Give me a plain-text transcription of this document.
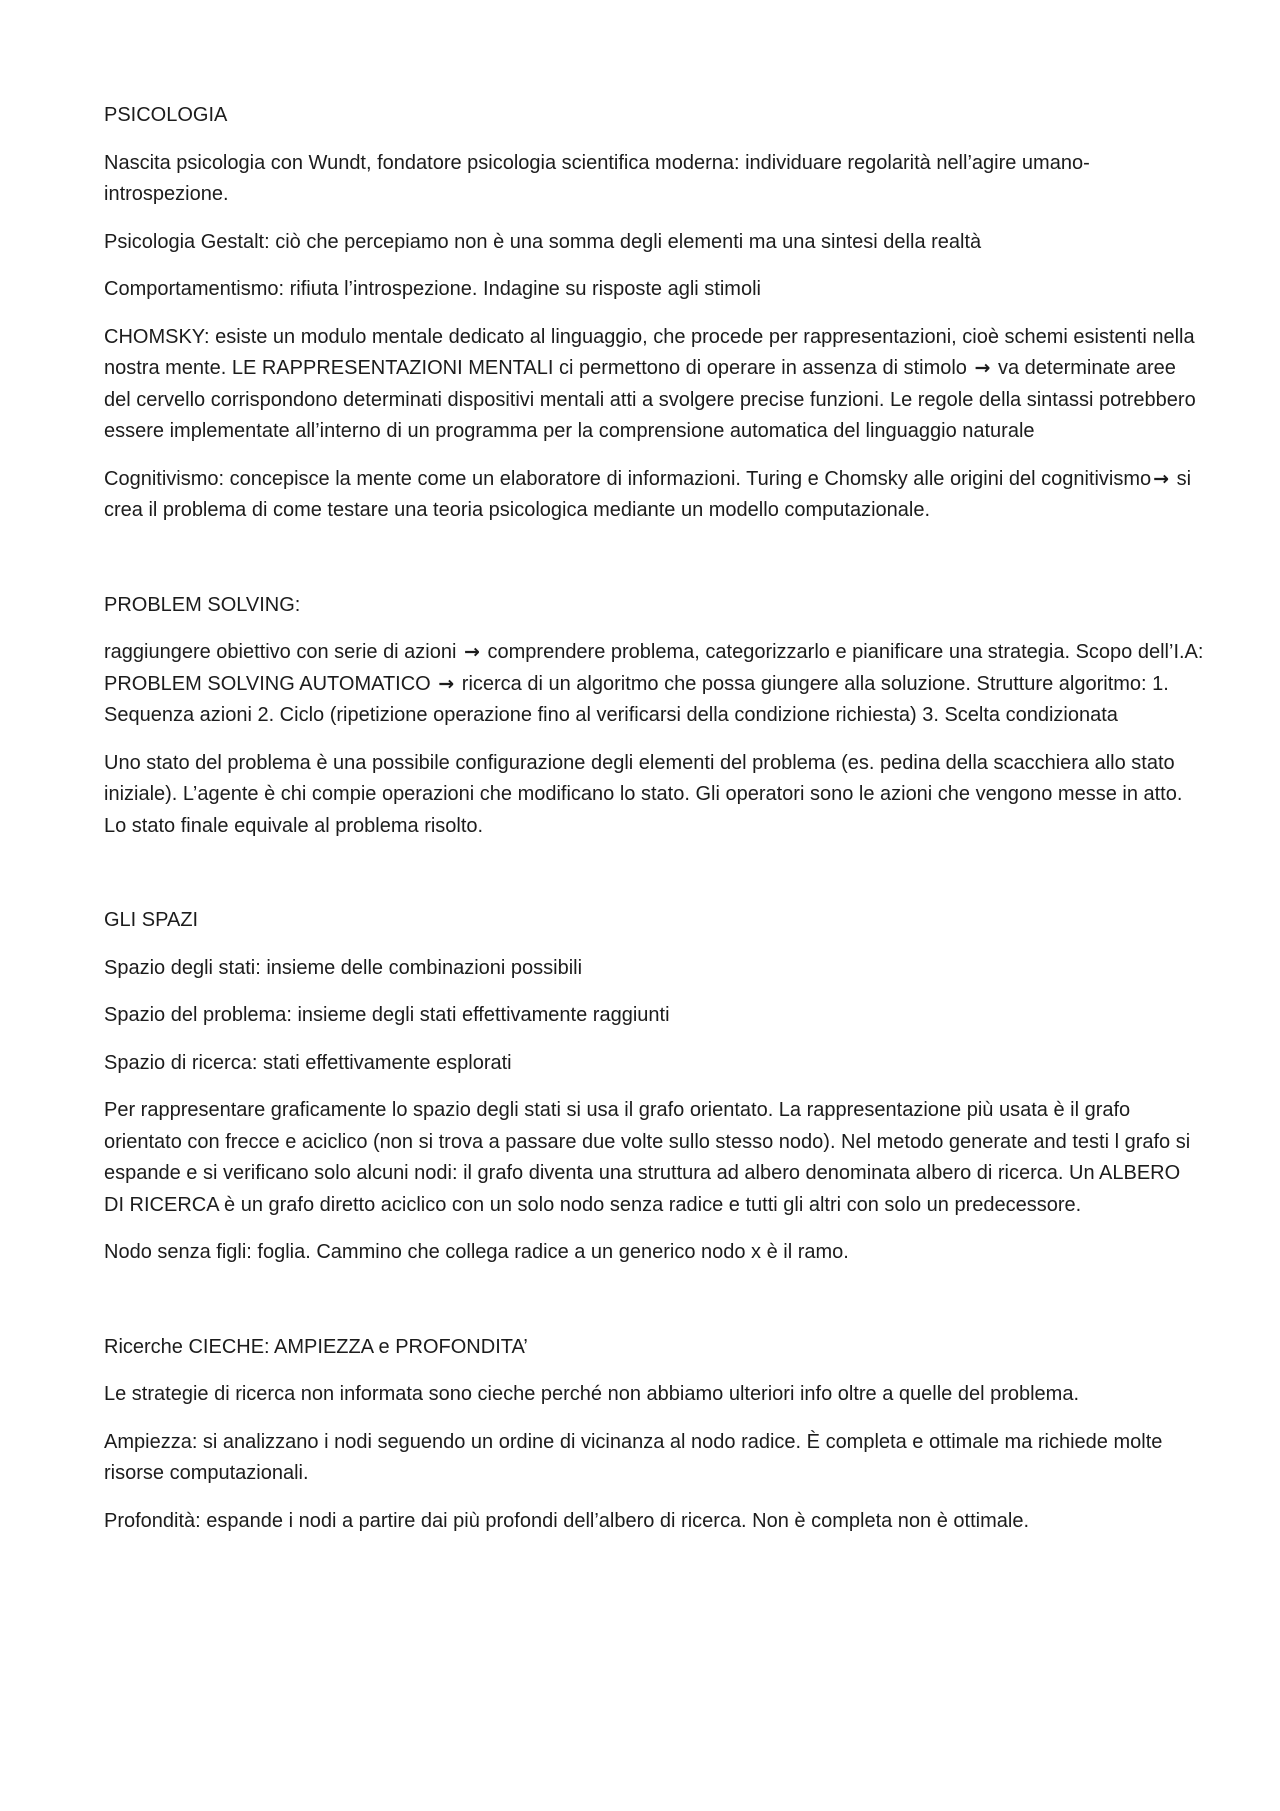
PSICOLOGIA

Nascita psicologia con Wundt, fondatore psicologia scientifica moderna: individuare regolarità nell’agire umano- introspezione.

Psicologia Gestalt: ciò che percepiamo non è una somma degli elementi ma una sintesi della realtà

Comportamentismo: rifiuta l’introspezione. Indagine su risposte agli stimoli

CHOMSKY: esiste un modulo mentale dedicato al linguaggio, che procede per rappresentazioni, cioè schemi esistenti nella nostra mente. LE RAPPRESENTAZIONI MENTALI ci permettono di operare in assenza di stimolo → va determinate aree del cervello corrispondono determinati dispositivi mentali atti a svolgere precise funzioni. Le regole della sintassi potrebbero essere implementate all’interno di un programma per la comprensione automatica del linguaggio naturale

Cognitivismo: concepisce la mente come un elaboratore di informazioni. Turing e Chomsky alle origini del cognitivismo → si crea il problema di come testare una teoria psicologica mediante un modello computazionale.

PROBLEM SOLVING:

raggiungere obiettivo con serie di azioni → comprendere problema, categorizzarlo e pianificare una strategia. Scopo dell’I.A: PROBLEM SOLVING AUTOMATICO → ricerca di un algoritmo che possa giungere alla soluzione. Strutture algoritmo: 1. Sequenza azioni 2. Ciclo (ripetizione operazione fino al verificarsi della condizione richiesta) 3. Scelta condizionata

Uno stato del problema è una possibile configurazione degli elementi del problema (es. pedina della scacchiera allo stato iniziale). L’agente è chi compie operazioni che modificano lo stato. Gli operatori sono le azioni che vengono messe in atto. Lo stato finale equivale al problema risolto.

GLI SPAZI

Spazio degli stati: insieme delle combinazioni possibili

Spazio del problema: insieme degli stati effettivamente raggiunti

Spazio di ricerca: stati effettivamente esplorati

Per rappresentare graficamente lo spazio degli stati si usa il grafo orientato. La rappresentazione più usata è il grafo orientato con frecce e aciclico (non si trova a passare due volte sullo stesso nodo). Nel metodo generate and testi l grafo si espande e si verificano solo alcuni nodi: il grafo diventa una struttura ad albero denominata albero di ricerca. Un ALBERO DI RICERCA è un grafo diretto aciclico con un solo nodo senza radice e tutti gli altri con solo un predecessore.

Nodo senza figli: foglia. Cammino che collega radice a un generico nodo x è il ramo.

Ricerche CIECHE: AMPIEZZA e PROFONDITA’

Le strategie di ricerca non informata sono cieche perché non abbiamo ulteriori info oltre a quelle del problema.

Ampiezza: si analizzano i nodi seguendo un ordine di vicinanza al nodo radice. È completa e ottimale ma richiede molte risorse computazionali.

Profondità: espande i nodi a partire dai più profondi dell’albero di ricerca. Non è completa non è ottimale.
